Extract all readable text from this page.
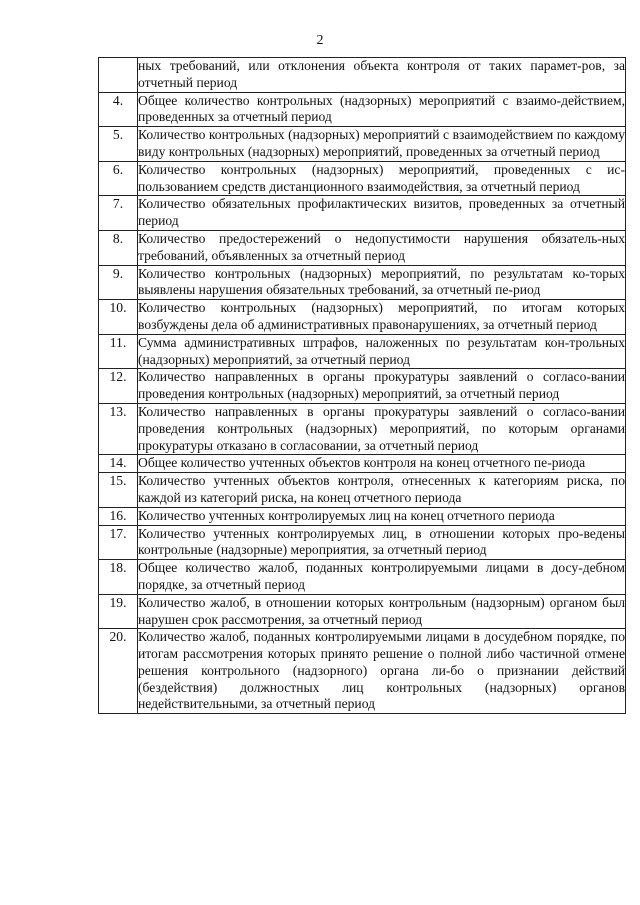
2
	ных требований, или отклонения объекта контроля от таких парамет-ров, за отчетный период
4.	Общее количество контрольных (надзорных) мероприятий с взаимо-действием, проведенных за отчетный период
5.	Количество контрольных (надзорных) мероприятий с взаимодействием по каждому виду контрольных (надзорных) мероприятий, проведенных за отчетный период
6.	Количество контрольных (надзорных) мероприятий, проведенных с ис-пользованием средств дистанционного взаимодействия, за отчетный период
7.	Количество обязательных профилактических визитов, проведенных за отчетный период
8.	Количество предостережений о недопустимости нарушения обязатель-ных требований, объявленных за отчетный период
9.	Количество контрольных (надзорных) мероприятий, по результатам ко-торых выявлены нарушения обязательных требований, за отчетный пе-риод
10.	Количество контрольных (надзорных) мероприятий, по итогам которых возбуждены дела об административных правонарушениях, за отчетный период
11.	Сумма административных штрафов, наложенных по результатам кон-трольных (надзорных) мероприятий, за отчетный период
12.	Количество направленных в органы прокуратуры заявлений о согласо-вании проведения контрольных (надзорных) мероприятий, за отчетный период
13.	Количество направленных в органы прокуратуры заявлений о согласо-вании проведения контрольных (надзорных) мероприятий, по которым органами прокуратуры отказано в согласовании, за отчетный период
14.	Общее количество учтенных объектов контроля на конец отчетного пе-риода
15.	Количество учтенных объектов контроля, отнесенных к категориям риска, по каждой из категорий риска, на конец отчетного периода
16.	Количество учтенных контролируемых лиц на конец отчетного периода
17.	Количество учтенных контролируемых лиц, в отношении которых про-ведены контрольные (надзорные) мероприятия, за отчетный период
18.	Общее количество жалоб, поданных контролируемыми лицами в досу-дебном порядке, за отчетный период
19.	Количество жалоб, в отношении которых контрольным (надзорным) органом был нарушен срок рассмотрения, за отчетный период
20.	Количество жалоб, поданных контролируемыми лицами в досудебном порядке, по итогам рассмотрения которых принято решение о полной либо частичной отмене решения контрольного (надзорного) органа ли-бо о признании действий (бездействия) должностных лиц контрольных (надзорных) органов недействительными, за отчетный период
